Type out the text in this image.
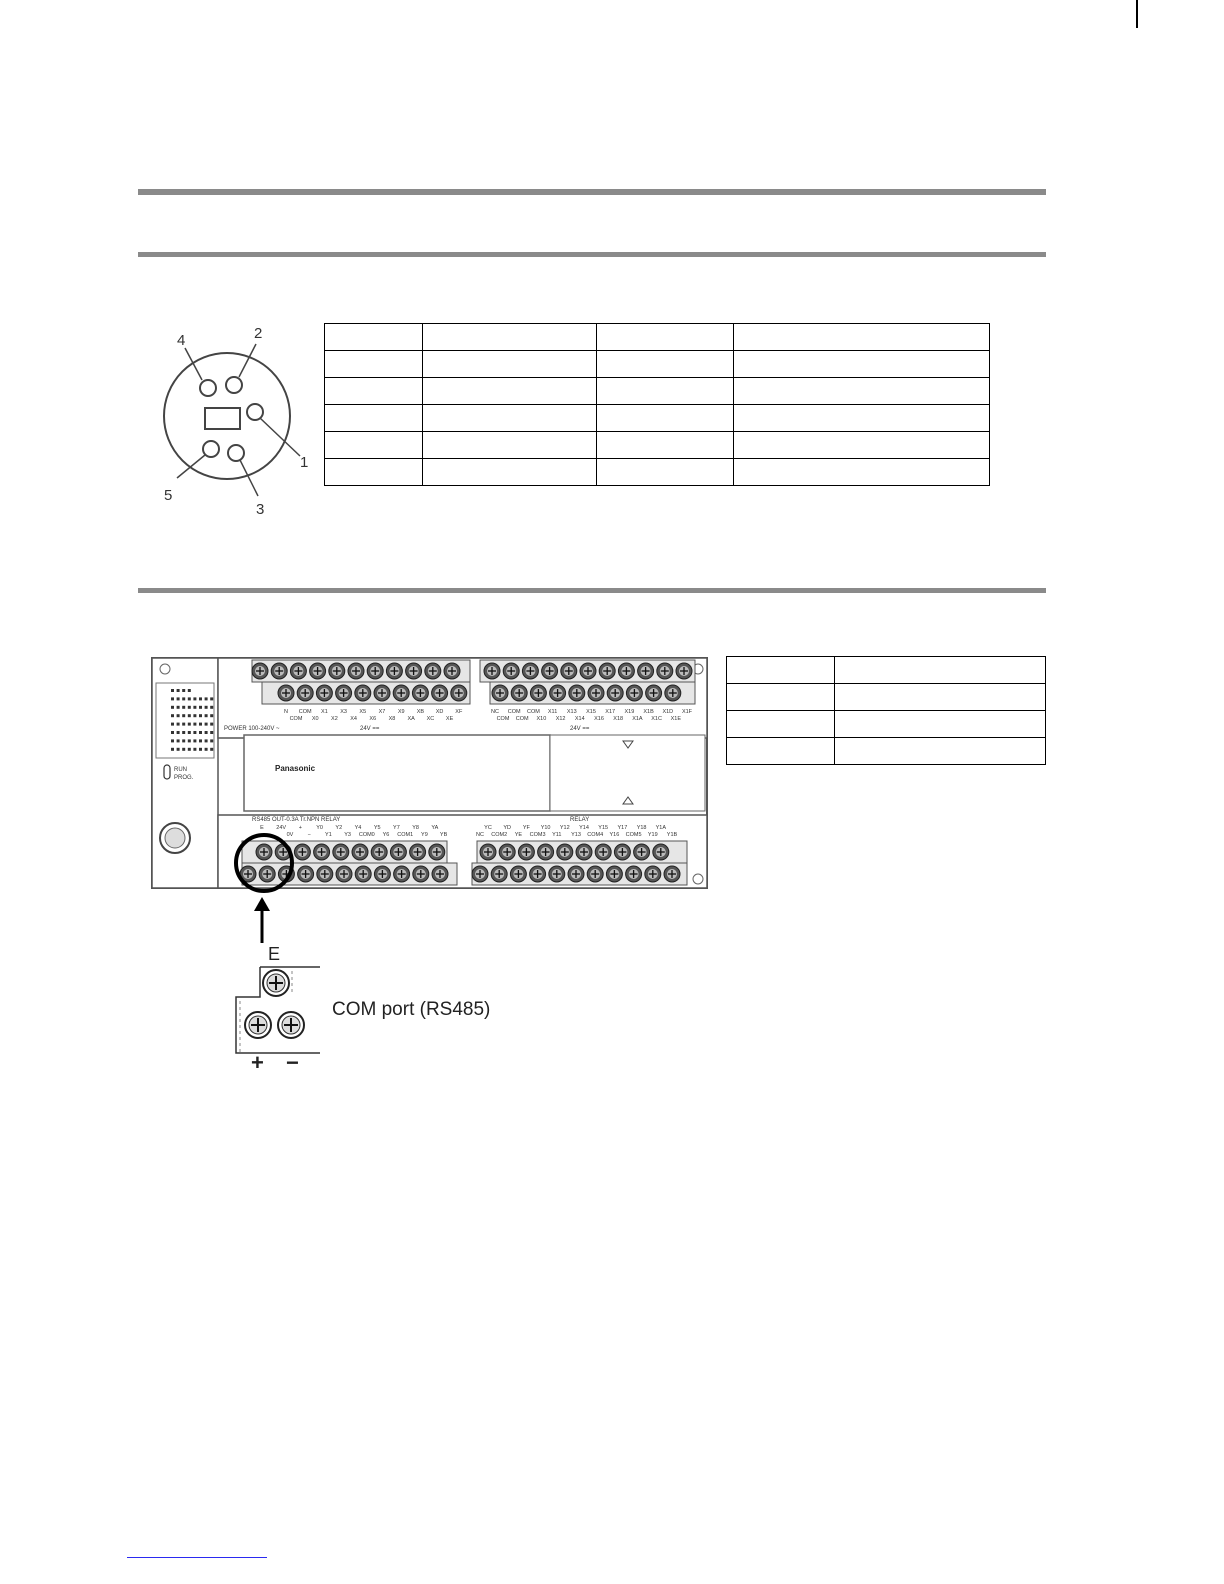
4	2
1
5
3

Panasonic
RUN
PROG.
POWER 100-240V ~	24V ==	24V ==
RS485 OUT-0.3A Tr.NPN RELAY	RELAY
N COM X1 X3 X5 X7 X9 XB XD XF
COM X0 X2 X4 X6 X8 XA XC XE
NC COM COM X11 X13 X15 X17 X19 X1B X1D X1F
COM COM X10 X12 X14 X16 X18 X1A X1C X1E
E 24V +	Y0 Y2 Y4 Y5 Y7 Y8 YA
0V	−	Y1 Y3 COM0 Y6 COM1 Y9 YB
YC YD YF Y10 Y12 Y14 Y15 Y17 Y18 Y1A
NC COM2 YE COM3 Y11 Y13 COM4 Y16 COM5 Y19 Y1B
E
COM port (RS485)
+ −
